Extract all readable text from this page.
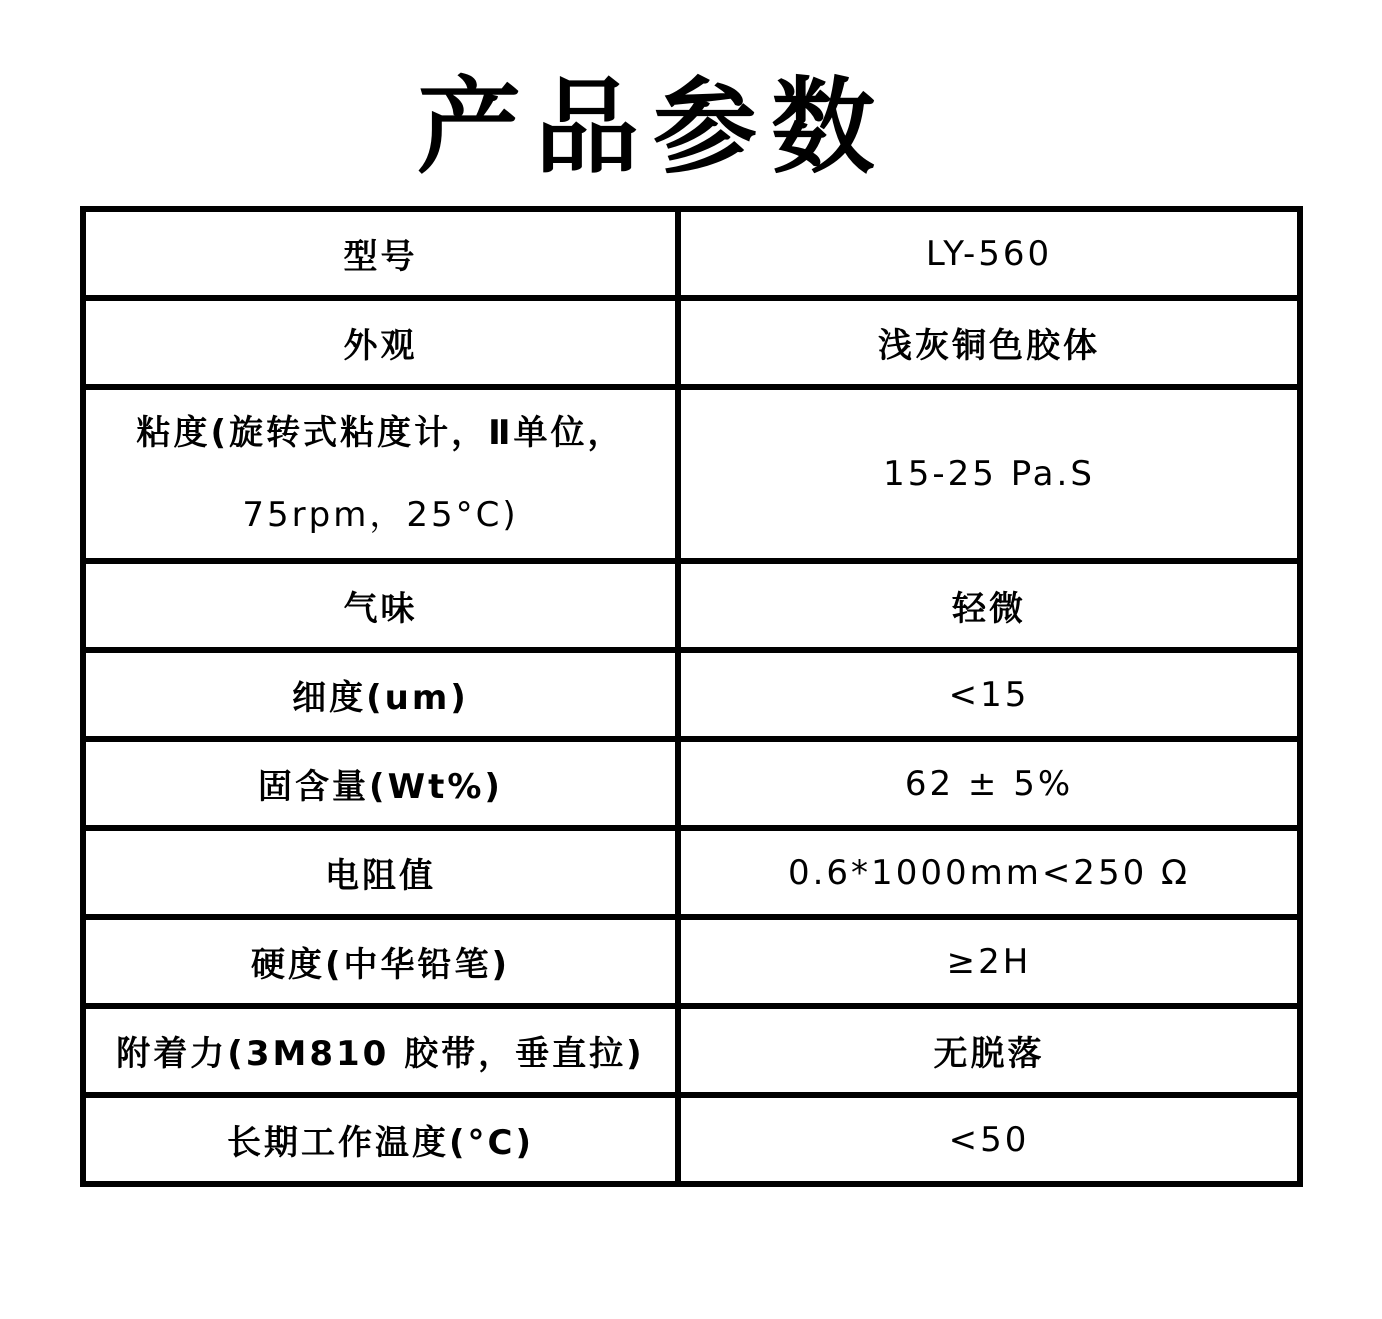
产品参数
型号	LY-560
外观	浅灰铜色胶体

粘度(旋转式粘度计，Ⅱ单位，
75rpm，25°C)	15-25 Pa.S
气味	轻微
细度(um)	<15
固含量(Wt%)	62 ± 5%
电阻值	0.6*1000mm<250 Ω
硬度(中华铅笔)	≥2H
附着力(3M810 胶带，垂直拉)	无脱落
长期工作温度(°C)	<50
